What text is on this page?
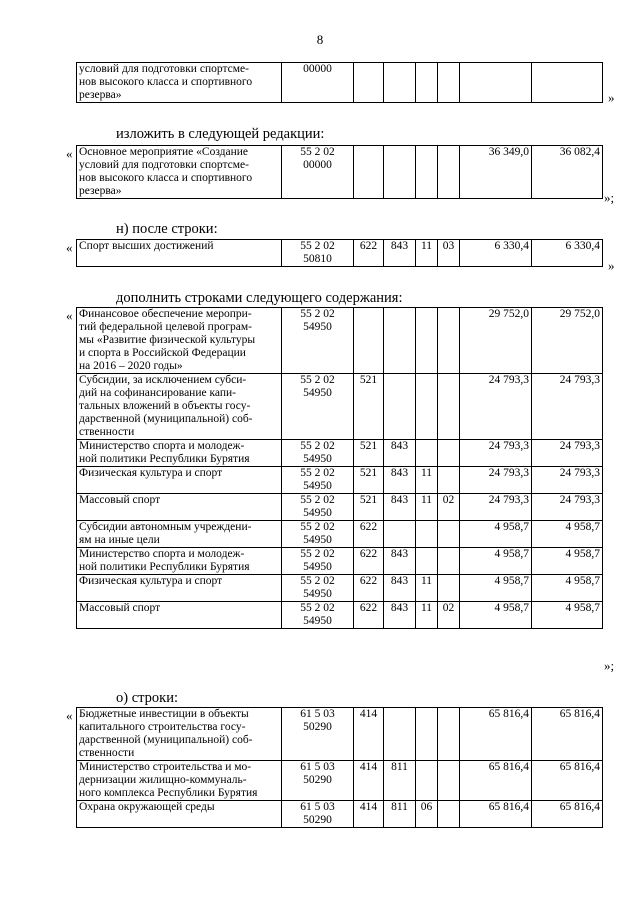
8
условий для подготовки спортсме-
нов высокого класса и спортивного
резерва»	00000						
»
изложить в следующей редакции:
« Основное мероприятие «Создание
условий для подготовки спортсме-
нов высокого класса и спортивного
резерва»	55 2 02
00000					36 349,0	36 082,4
»;
н) после строки:
« Спорт высших достижений	55 2 02
50810	622	843	11	03	6 330,4	6 330,4
»
дополнить строками следующего содержания:
« Финансовое обеспечение меропри-
тий федеральной целевой програм-
мы «Развитие физической культуры
и спорта в Российской Федерации
на 2016 – 2020 годы»	55 2 02
54950					29 752,0	29 752,0
Субсидии, за исключением субси-
дий на софинансирование капи-
тальных вложений в объекты госу-
дарственной (муниципальной) соб-
ственности	55 2 02
54950	521				24 793,3	24 793,3
Министерство спорта и молодеж-
ной политики Республики Бурятия	55 2 02
54950	521	843			24 793,3	24 793,3
Физическая культура и спорт	55 2 02
54950	521	843	11		24 793,3	24 793,3
Массовый спорт	55 2 02
54950	521	843	11	02	24 793,3	24 793,3
Субсидии автономным учреждени-
ям на иные цели	55 2 02
54950	622				4 958,7	4 958,7
Министерство спорта и молодеж-
ной политики Республики Бурятия	55 2 02
54950	622	843			4 958,7	4 958,7
Физическая культура и спорт	55 2 02
54950	622	843	11		4 958,7	4 958,7
Массовый спорт	55 2 02
54950	622	843	11	02	4 958,7	4 958,7
»;
о) строки:
« Бюджетные инвестиции в объекты
капитального строительства госу-
дарственной (муниципальной) соб-
ственности	61 5 03
50290	414				65 816,4	65 816,4
Министерство строительства и мо-
дернизации жилищно-коммуналь-
ного комплекса Республики Бурятия	61 5 03
50290	414	811			65 816,4	65 816,4
Охрана окружающей среды	61 5 03
50290	414	811	06		65 816,4	65 816,4
